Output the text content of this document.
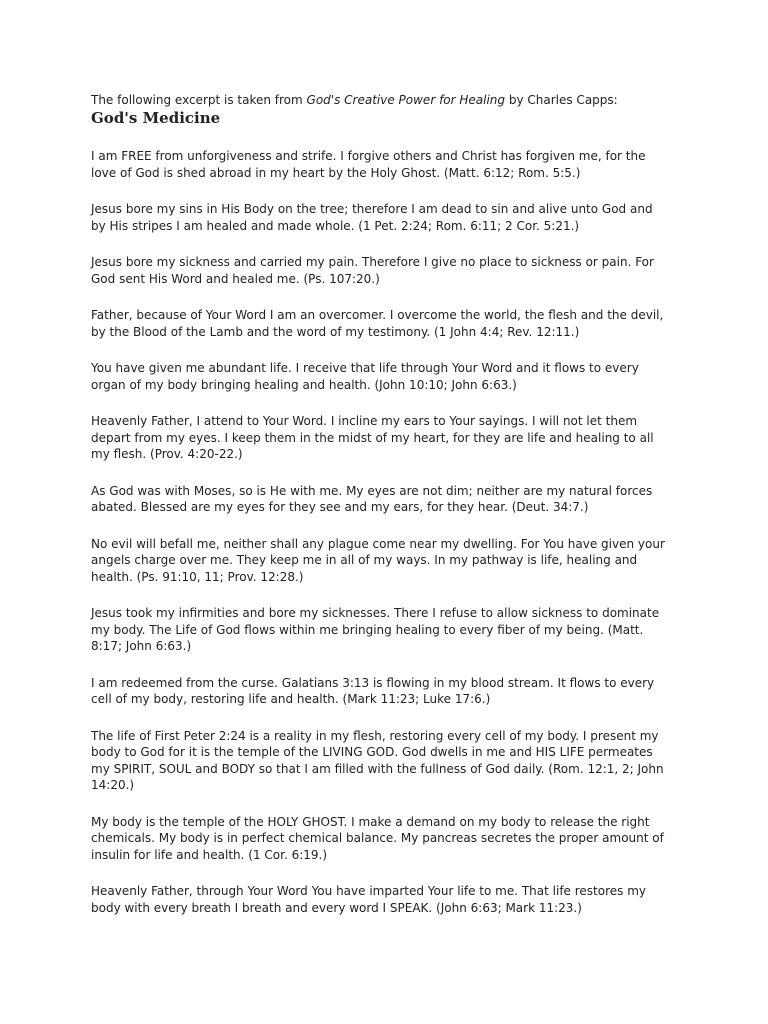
The following excerpt is taken from God's Creative Power for Healing by Charles Capps:

God's Medicine

I am FREE from unforgiveness and strife. I forgive others and Christ has forgiven me, for the love of God is shed abroad in my heart by the Holy Ghost. (Matt. 6:12; Rom. 5:5.)

Jesus bore my sins in His Body on the tree; therefore I am dead to sin and alive unto God and by His stripes I am healed and made whole. (1 Pet. 2:24; Rom. 6:11; 2 Cor. 5:21.)

Jesus bore my sickness and carried my pain. Therefore I give no place to sickness or pain. For God sent His Word and healed me. (Ps. 107:20.)

Father, because of Your Word I am an overcomer. I overcome the world, the flesh and the devil, by the Blood of the Lamb and the word of my testimony. (1 John 4:4; Rev. 12:11.)

You have given me abundant life. I receive that life through Your Word and it flows to every organ of my body bringing healing and health. (John 10:10; John 6:63.)

Heavenly Father, I attend to Your Word. I incline my ears to Your sayings. I will not let them depart from my eyes. I keep them in the midst of my heart, for they are life and healing to all my flesh. (Prov. 4:20-22.)

As God was with Moses, so is He with me. My eyes are not dim; neither are my natural forces abated. Blessed are my eyes for they see and my ears, for they hear. (Deut. 34:7.)

No evil will befall me, neither shall any plague come near my dwelling. For You have given your angels charge over me. They keep me in all of my ways. In my pathway is life, healing and health. (Ps. 91:10, 11; Prov. 12:28.)

Jesus took my infirmities and bore my sicknesses. There I refuse to allow sickness to dominate my body. The Life of God flows within me bringing healing to every fiber of my being. (Matt. 8:17; John 6:63.)

I am redeemed from the curse. Galatians 3:13 is flowing in my blood stream. It flows to every cell of my body, restoring life and health. (Mark 11:23; Luke 17:6.)

The life of First Peter 2:24 is a reality in my flesh, restoring every cell of my body. I present my body to God for it is the temple of the LIVING GOD. God dwells in me and HIS LIFE permeates my SPIRIT, SOUL and BODY so that I am filled with the fullness of God daily. (Rom. 12:1, 2; John 14:20.)

My body is the temple of the HOLY GHOST. I make a demand on my body to release the right chemicals. My body is in perfect chemical balance. My pancreas secretes the proper amount of insulin for life and health. (1 Cor. 6:19.)

Heavenly Father, through Your Word You have imparted Your life to me. That life restores my body with every breath I breath and every word I SPEAK. (John 6:63; Mark 11:23.)
